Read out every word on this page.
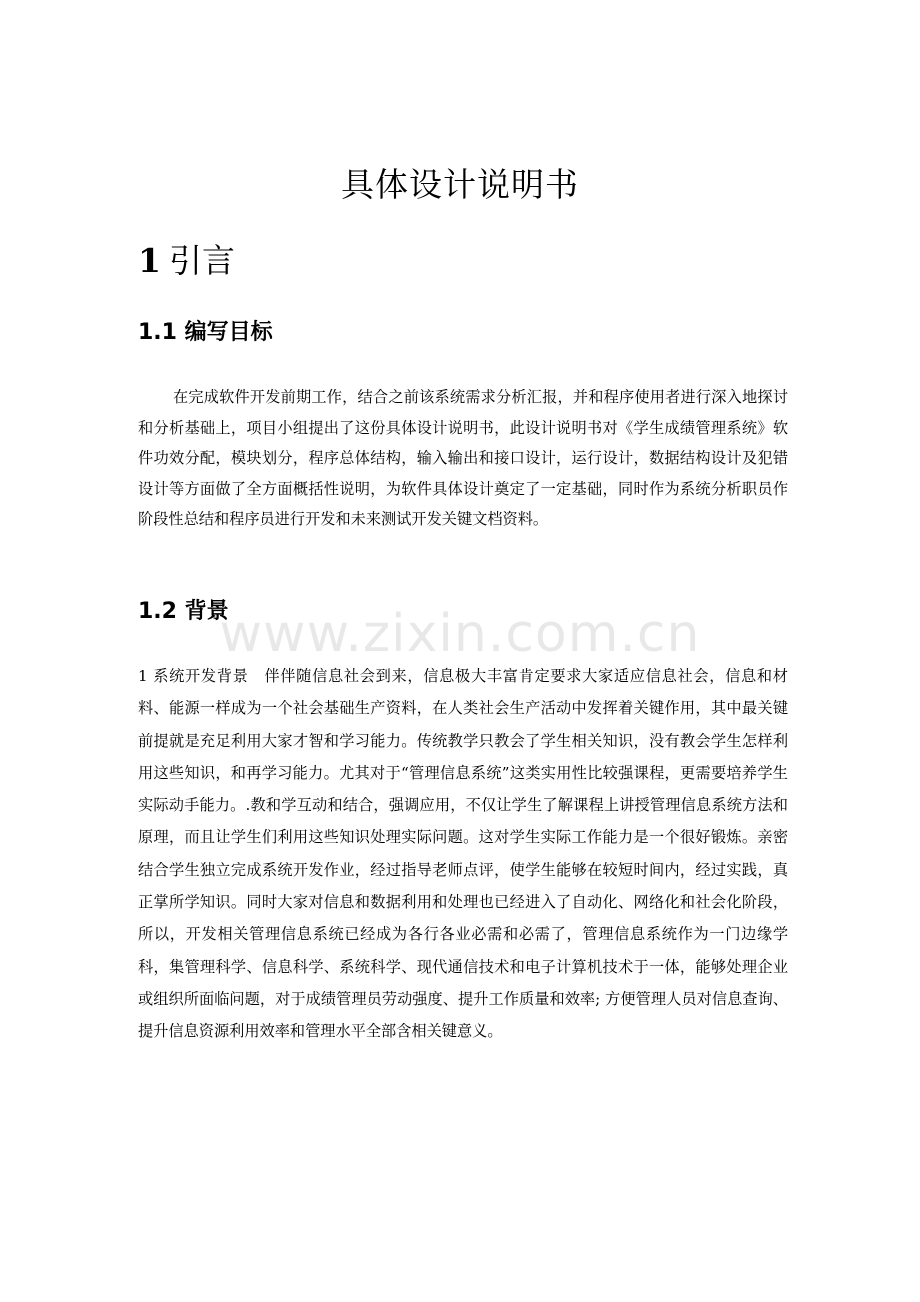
具体设计说明书
1 引言
1.1 编写目标
在完成软件开发前期工作，结合之前该系统需求分析汇报，并和程序使用者进行深入地探讨和分析基础上，项目小组提出了这份具体设计说明书，此设计说明书对《学生成绩管理系统》软件功效分配，模块划分，程序总体结构，输入输出和接口设计，运行设计，数据结构设计及犯错设计等方面做了全方面概括性说明，为软件具体设计奠定了一定基础，同时作为系统分析职员作阶段性总结和程序员进行开发和未来测试开发关键文档资料。
1.2 背景
www.zixin.com.cn
1 系统开发背景　伴伴随信息社会到来，信息极大丰富肯定要求大家适应信息社会，信息和材料、能源一样成为一个社会基础生产资料，在人类社会生产活动中发挥着关键作用，其中最关键前提就是充足利用大家才智和学习能力。传统教学只教会了学生相关知识，没有教会学生怎样利用这些知识，和再学习能力。尤其对于“管理信息系统”这类实用性比较强课程，更需要培养学生实际动手能力。.教和学互动和结合，强调应用，不仅让学生了解课程上讲授管理信息系统方法和原理，而且让学生们利用这些知识处理实际问题。这对学生实际工作能力是一个很好锻炼。亲密结合学生独立完成系统开发作业，经过指导老师点评，使学生能够在较短时间内，经过实践，真正掌所学知识。同时大家对信息和数据利用和处理也已经进入了自动化、网络化和社会化阶段，所以，开发相关管理信息系统已经成为各行各业必需和必需了，管理信息系统作为一门边缘学科，集管理科学、信息科学、系统科学、现代通信技术和电子计算机技术于一体，能够处理企业或组织所面临问题，对于成绩管理员劳动强度、提升工作质量和效率; 方便管理人员对信息查询、提升信息资源利用效率和管理水平全部含相关键意义。
